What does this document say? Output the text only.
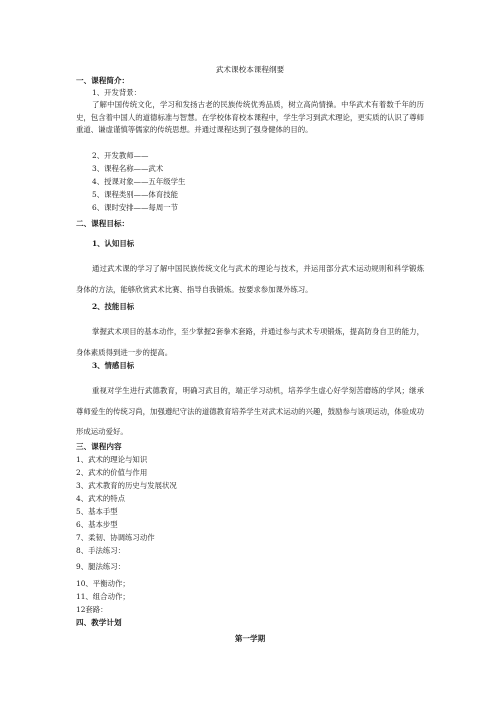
武术课校本课程纲要
一、课程简介：
1、开发背景：
了解中国传统文化，学习和发扬古老的民族传统优秀品质，树立高尚情操。中华武术有着数千年的历史，包含着中国人的道德标准与智慧。在学校体育校本课程中，学生学习到武术理论，更实质的认识了尊师重道、谦虚谨慎等儒家的传统思想。并通过课程达到了强身健体的目的。
2、开发教师——
3、课程名称——武术
4、授课对象——五年级学生
5、课程类别——体育技能
6、课时安排——每周一节
二、课程目标：
1、认知目标
通过武术课的学习了解中国民族传统文化与武术的理论与技术，并运用部分武术运动规则和科学锻炼身体的方法，能够欣赏武术比赛、指导自我锻炼。按要求参加课外练习。
2、技能目标
掌握武术项目的基本动作，至少掌握2套拳术套路，并通过参与武术专项锻炼，提高防身自卫的能力，身体素质得到进一步的提高。
3、情感目标
重视对学生进行武德教育，明确习武目的，端正学习动机，培养学生虚心好学刻苦磨练的学风；继承尊师爱生的传统习尚，加强遵纪守法的道德教育培养学生对武术运动的兴趣，鼓励参与该项运动，体验成功形成运动爱好。
三、课程内容
1、武术的理论与知识
2、武术的价值与作用
3、武术教育的历史与发展状况
4、武术的特点
5、基本手型
6、基本步型
7、柔韧、协调练习动作
8、手法练习：
9、腿法练习：
10、平衡动作；
11、组合动作；
12套路：
四、教学计划
第一学期
